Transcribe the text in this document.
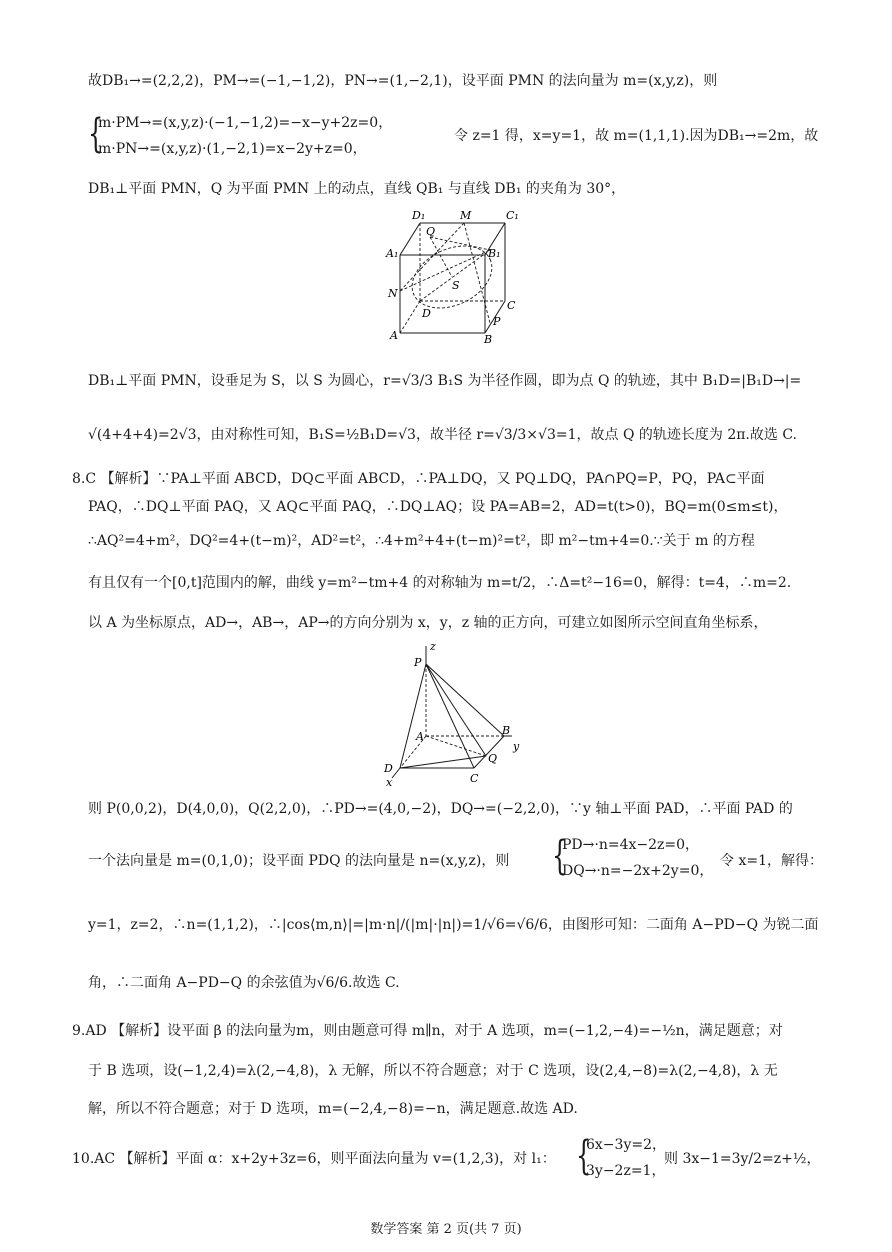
故DB₁→=(2,2,2)，PM→=(−1,−1,2)，PN→=(1,−2,1)，设平面 PMN 的法向量为 m=(x,y,z)，则
{
m·PM→=(x,y,z)·(−1,−1,2)=−x−y+2z=0，
m·PN→=(x,y,z)·(1,−2,1)=x−2y+z=0，
令 z=1 得，x=y=1，故 m=(1,1,1).因为DB₁→=2m，故
DB₁⊥平面 PMN，Q 为平面 PMN 上的动点，直线 QB₁ 与直线 DB₁ 的夹角为 30°，
D₁	M	C₁
A₁
Q
B₁
S
N
D
C
P
A	B
DB₁⊥平面 PMN，设垂足为 S，以 S 为圆心，r=√3/3 B₁S 为半径作圆，即为点 Q 的轨迹，其中 B₁D=|B₁D→|=
√(4+4+4)=2√3，由对称性可知，B₁S=½B₁D=√3，故半径 r=√3/3×√3=1，故点 Q 的轨迹长度为 2π.故选 C.
8.C 【解析】∵PA⊥平面 ABCD，DQ⊂平面 ABCD，∴PA⊥DQ，又 PQ⊥DQ，PA∩PQ=P，PQ，PA⊂平面
PAQ，∴DQ⊥平面 PAQ，又 AQ⊂平面 PAQ，∴DQ⊥AQ；设 PA=AB=2，AD=t(t>0)，BQ=m(0≤m≤t)，
∴AQ²=4+m²，DQ²=4+(t−m)²，AD²=t²，∴4+m²+4+(t−m)²=t²，即 m²−tm+4=0.∵关于 m 的方程
有且仅有一个[0,t]范围内的解，曲线 y=m²−tm+4 的对称轴为 m=t/2，∴Δ=t²−16=0，解得：t=4，∴m=2.
以 A 为坐标原点，AD→，AB→，AP→的方向分别为 x，y，z 轴的正方向，可建立如图所示空间直角坐标系，
z
P
A	B
y
Q
D
C
x
则 P(0,0,2)，D(4,0,0)，Q(2,2,0)，∴PD→=(4,0,−2)，DQ→=(−2,2,0)，∵y 轴⊥平面 PAD，∴平面 PAD 的
一个法向量是 m=(0,1,0)；设平面 PDQ 的法向量是 n=(x,y,z)，则 {
PD→·n=4x−2z=0，
DQ→·n=−2x+2y=0，
令 x=1，解得：
y=1，z=2，∴n=(1,1,2)，∴|cos⟨m,n⟩|=|m·n|/(|m|·|n|)=1/√6=√6/6，由图形可知：二面角 A−PD−Q 为锐二面
角，∴二面角 A−PD−Q 的余弦值为√6/6.故选 C.
9.AD 【解析】设平面 β 的法向量为m，则由题意可得 m∥n，对于 A 选项，m=(−1,2,−4)=−½n，满足题意；对
于 B 选项，设(−1,2,4)=λ(2,−4,8)，λ 无解，所以不符合题意；对于 C 选项，设(2,4,−8)=λ(2,−4,8)，λ 无
解，所以不符合题意；对于 D 选项，m=(−2,4,−8)=−n，满足题意.故选 AD.
10.AC 【解析】平面 α：x+2y+3z=6，则平面法向量为 v=(1,2,3)，对 l₁： {
6x−3y=2，
3y−2z=1，
则 3x−1=3y/2=z+½，
数学答案 第 2 页(共 7 页)
